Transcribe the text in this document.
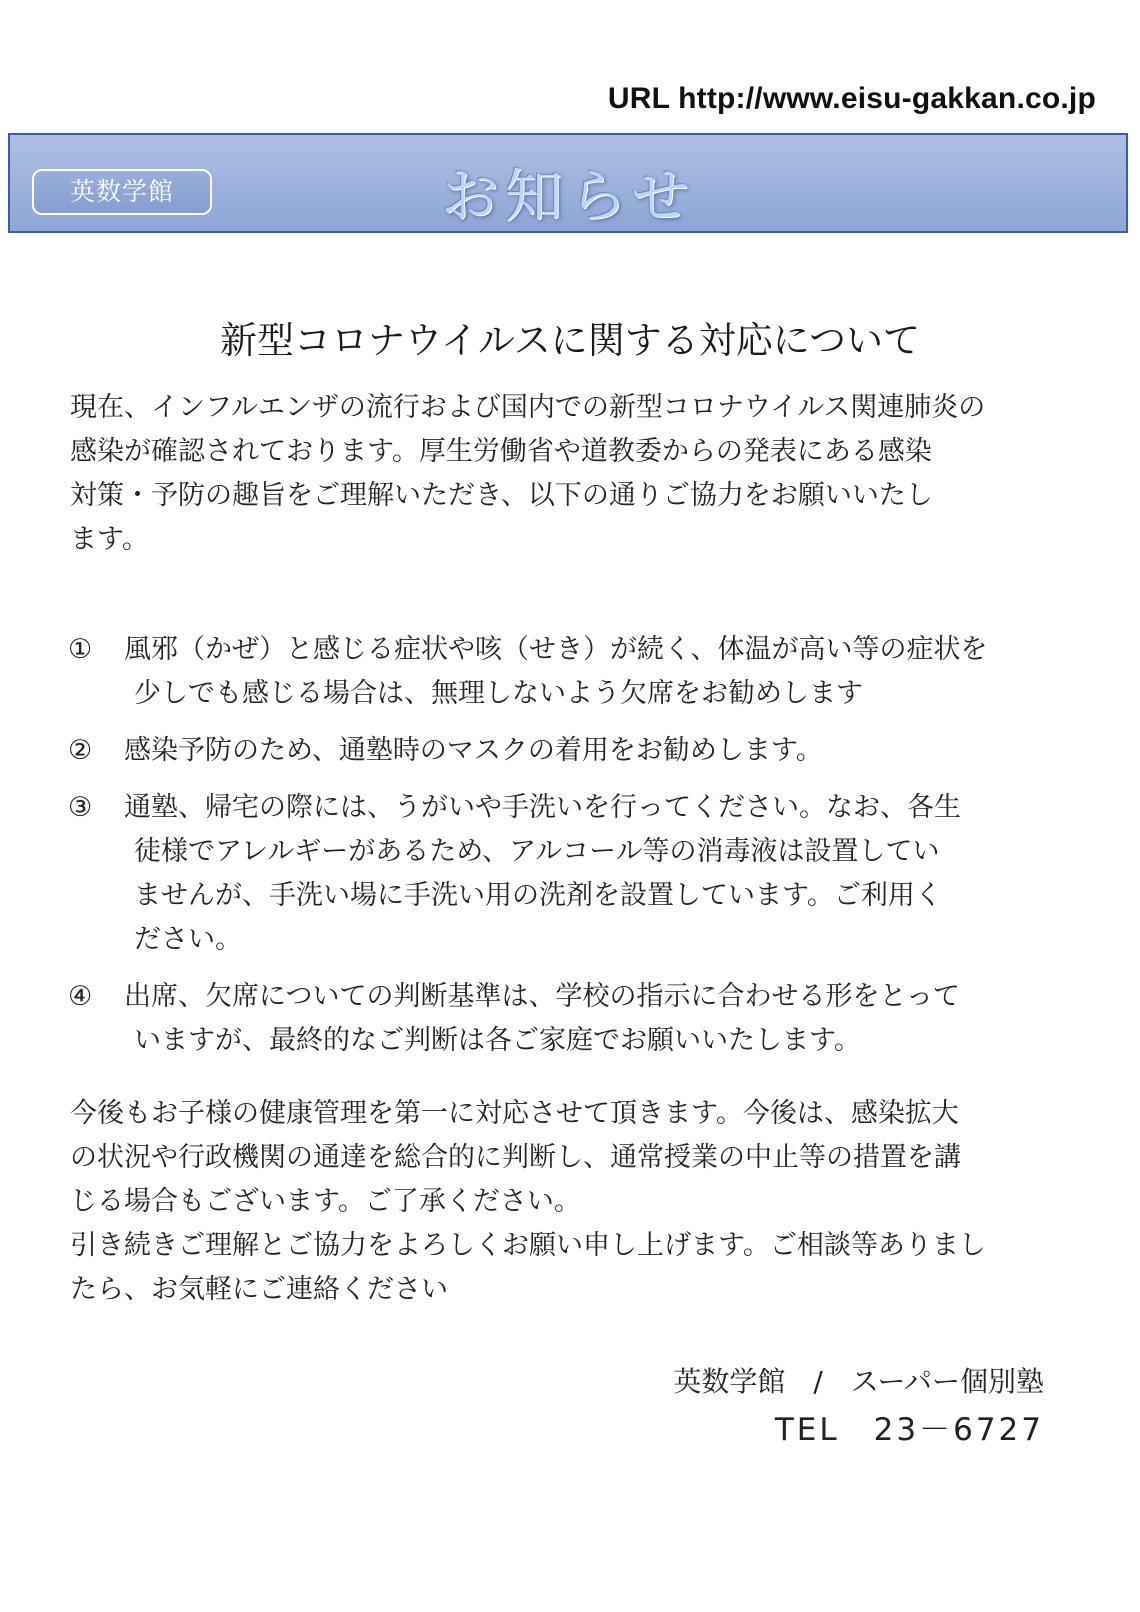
URL http://www.eisu-gakkan.co.jp
英数学館	お知らせ
新型コロナウイルスに関する対応について

現在、インフルエンザの流行および国内での新型コロナウイルス関連肺炎の

感染が確認されております。厚生労働省や道教委からの発表にある感染

対策・予防の趣旨をご理解いただき、以下の通りご協力をお願いいたし

ます。

①	風邪（かぜ）と感じる症状や咳（せき）が続く、体温が高い等の症状を

少しでも感じる場合は、無理しないよう欠席をお勧めします

②	感染予防のため、通塾時のマスクの着用をお勧めします。

③	通塾、帰宅の際には、うがいや手洗いを行ってください。なお、各生

徒様でアレルギーがあるため、アルコール等の消毒液は設置してい

ませんが、手洗い場に手洗い用の洗剤を設置しています。ご利用く

ださい。

④	出席、欠席についての判断基準は、学校の指示に合わせる形をとって

いますが、最終的なご判断は各ご家庭でお願いいたします。

今後もお子様の健康管理を第一に対応させて頂きます。今後は、感染拡大

の状況や行政機関の通達を総合的に判断し、通常授業の中止等の措置を講

じる場合もございます。ご了承ください。

引き続きご理解とご協力をよろしくお願い申し上げます。ご相談等ありまし

たら、お気軽にご連絡ください

英数学館　/　スーパー個別塾
TEL　23－6727
